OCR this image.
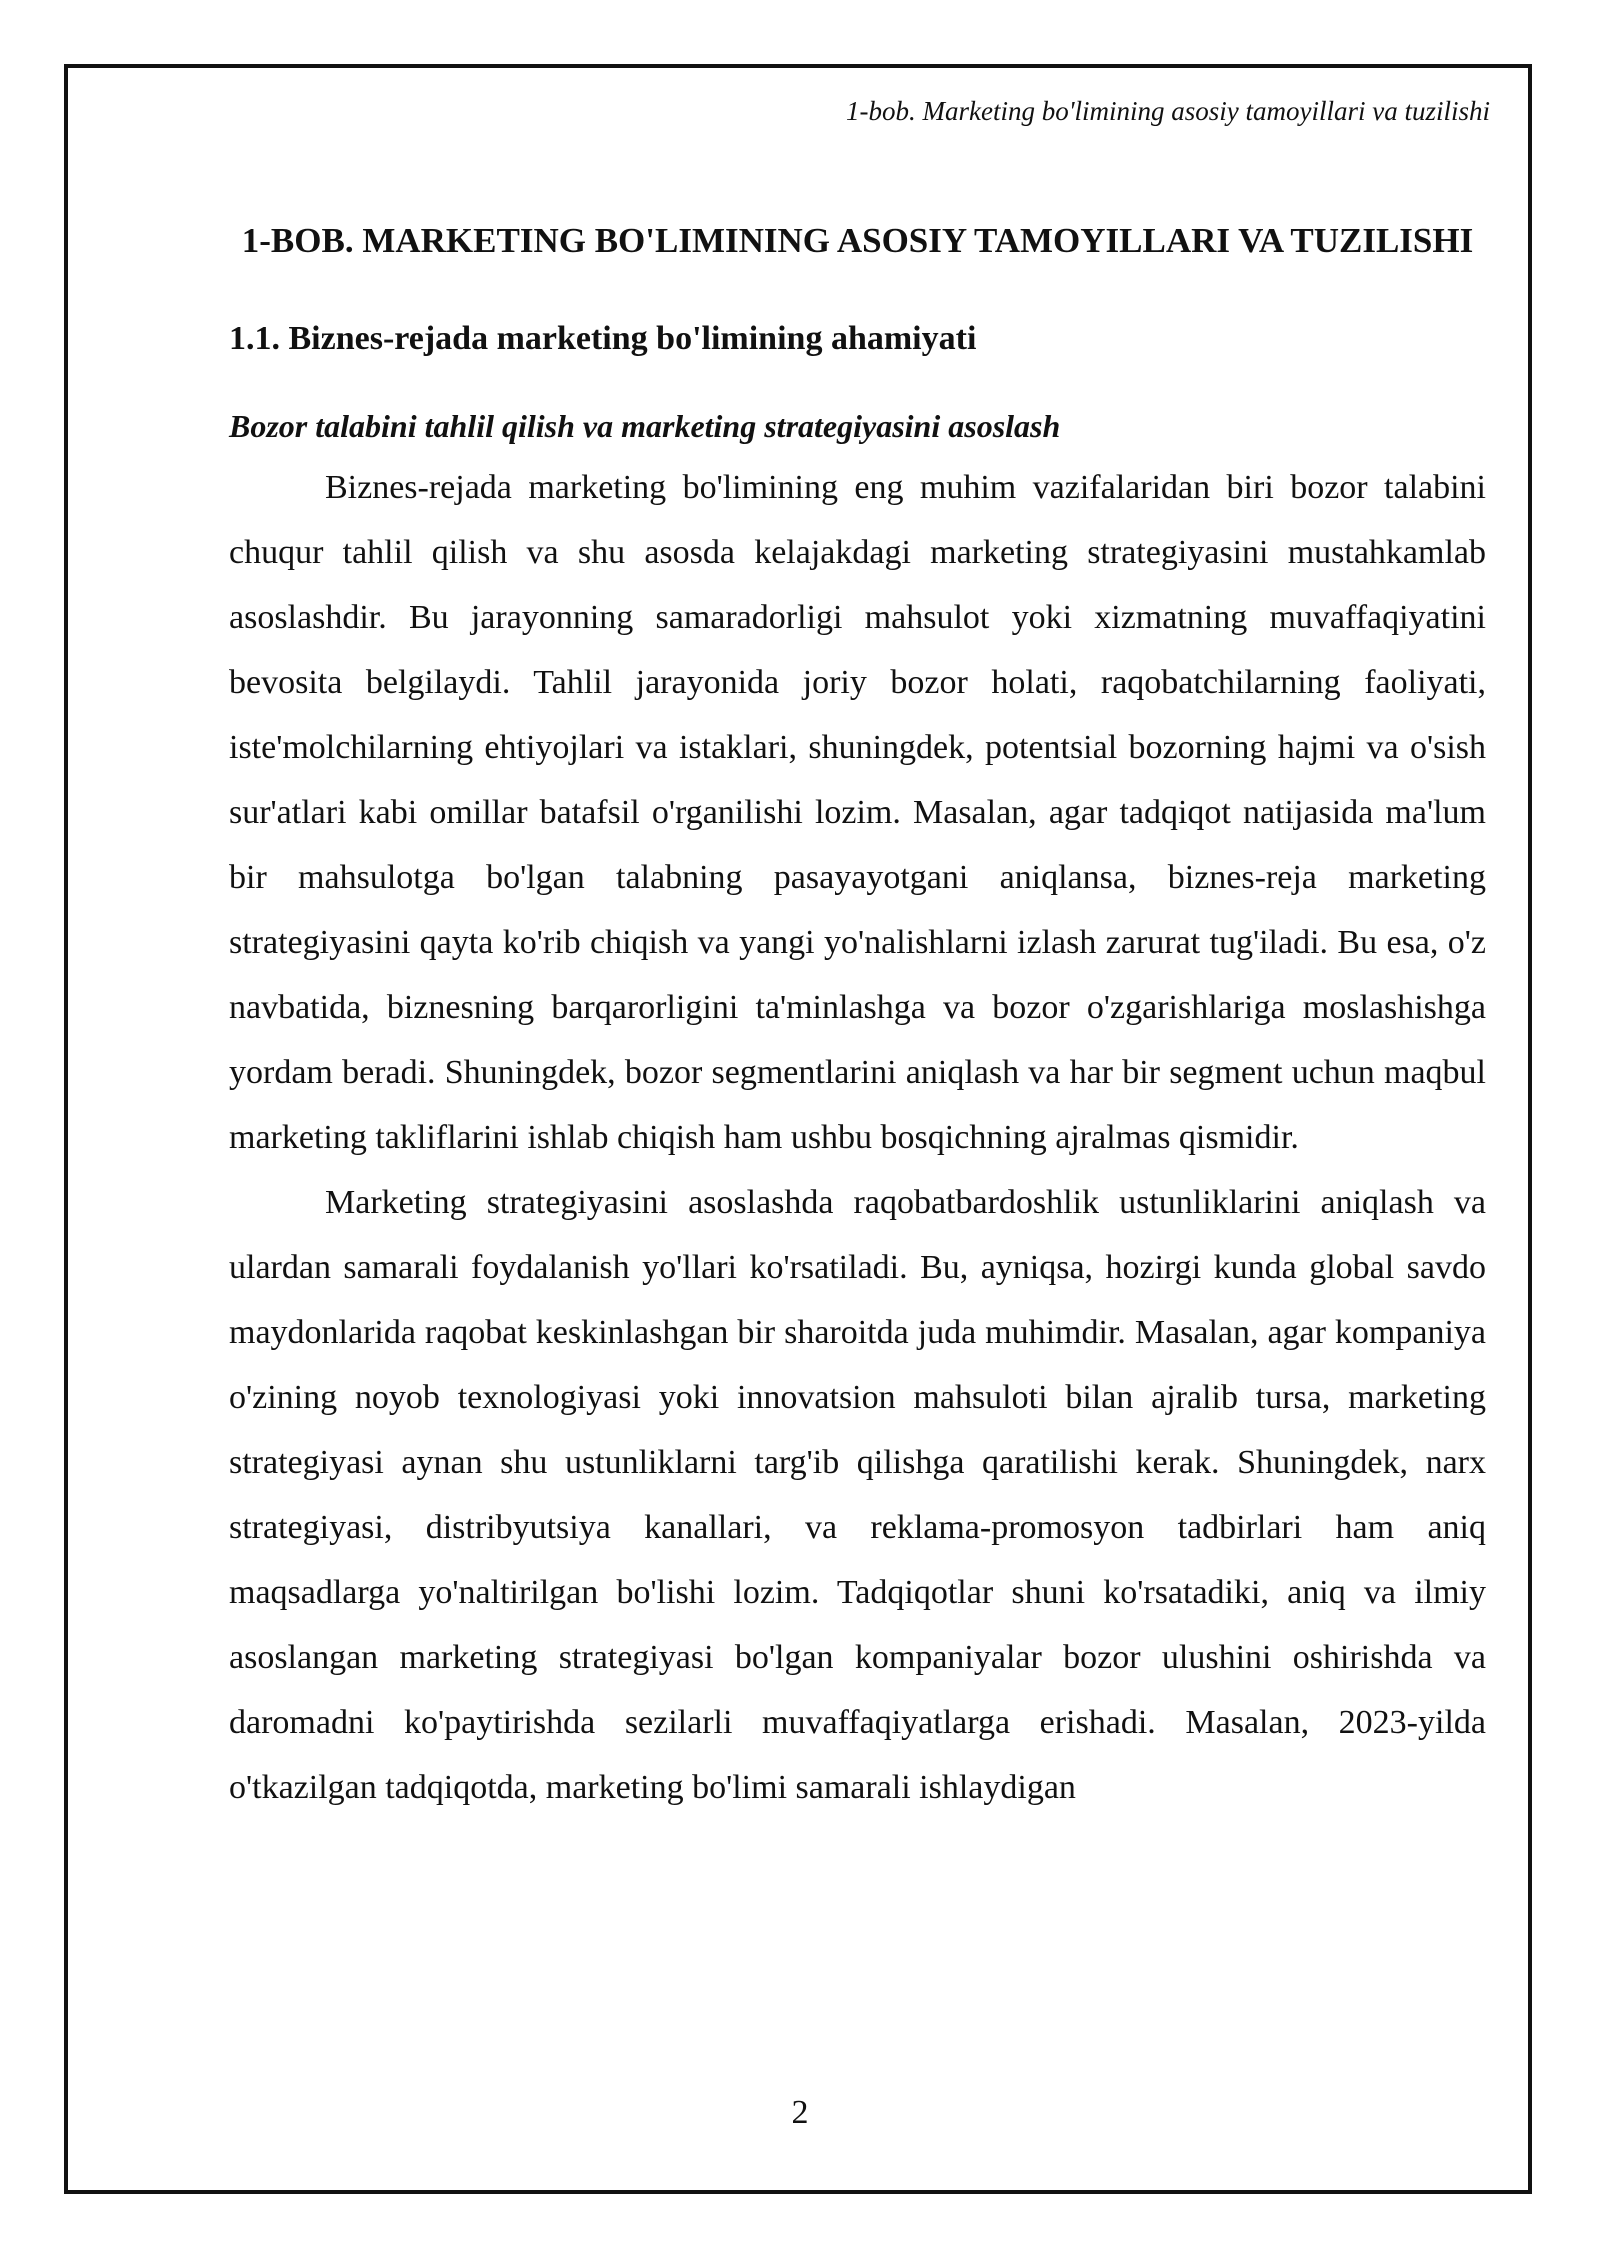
1-bob. Marketing bo'limining asosiy tamoyillari va tuzilishi
1-BOB. MARKETING BO'LIMINING ASOSIY TAMOYILLARI VA TUZILISHI
1.1. Biznes-rejada marketing bo'limining ahamiyati
Bozor talabini tahlil qilish va marketing strategiyasini asoslash

Biznes-rejada marketing bo'limining eng muhim vazifalaridan biri bozor talabini chuqur tahlil qilish va shu asosda kelajakdagi marketing strategiyasini mustahkamlab asoslashdir. Bu jarayonning samaradorligi mahsulot yoki xizmatning muvaffaqiyatini bevosita belgilaydi. Tahlil jarayonida joriy bozor holati, raqobatchilarning faoliyati, iste'molchilarning ehtiyojlari va istaklari, shuningdek, potentsial bozorning hajmi va o'sish sur'atlari kabi omillar batafsil o'rganilishi lozim. Masalan, agar tadqiqot natijasida ma'lum bir mahsulotga bo'lgan talabning pasayayotgani aniqlansa, biznes-reja marketing strategiyasini qayta ko'rib chiqish va yangi yo'nalishlarni izlash zarurat tug'iladi. Bu esa, o'z navbatida, biznesning barqarorligini ta'minlashga va bozor o'zgarishlariga moslashishga yordam beradi. Shuningdek, bozor segmentlarini aniqlash va har bir segment uchun maqbul marketing takliflarini ishlab chiqish ham ushbu bosqichning ajralmas qismidir.

Marketing strategiyasini asoslashda raqobatbardoshlik ustunliklarini aniqlash va ulardan samarali foydalanish yo'llari ko'rsatiladi. Bu, ayniqsa, hozirgi kunda global savdo maydonlarida raqobat keskinlashgan bir sharoitda juda muhimdir. Masalan, agar kompaniya o'zining noyob texnologiyasi yoki innovatsion mahsuloti bilan ajralib tursa, marketing strategiyasi aynan shu ustunliklarni targ'ib qilishga qaratilishi kerak. Shuningdek, narx strategiyasi, distribyutsiya kanallari, va reklama-promosyon tadbirlari ham aniq maqsadlarga yo'naltirilgan bo'lishi lozim. Tadqiqotlar shuni ko'rsatadiki, aniq va ilmiy asoslangan marketing strategiyasi bo'lgan kompaniyalar bozor ulushini oshirishda va daromadni ko'paytirishda sezilarli muvaffaqiyatlarga erishadi. Masalan, 2023-yilda o'tkazilgan tadqiqotda, marketing bo'limi samarali ishlaydigan

2
